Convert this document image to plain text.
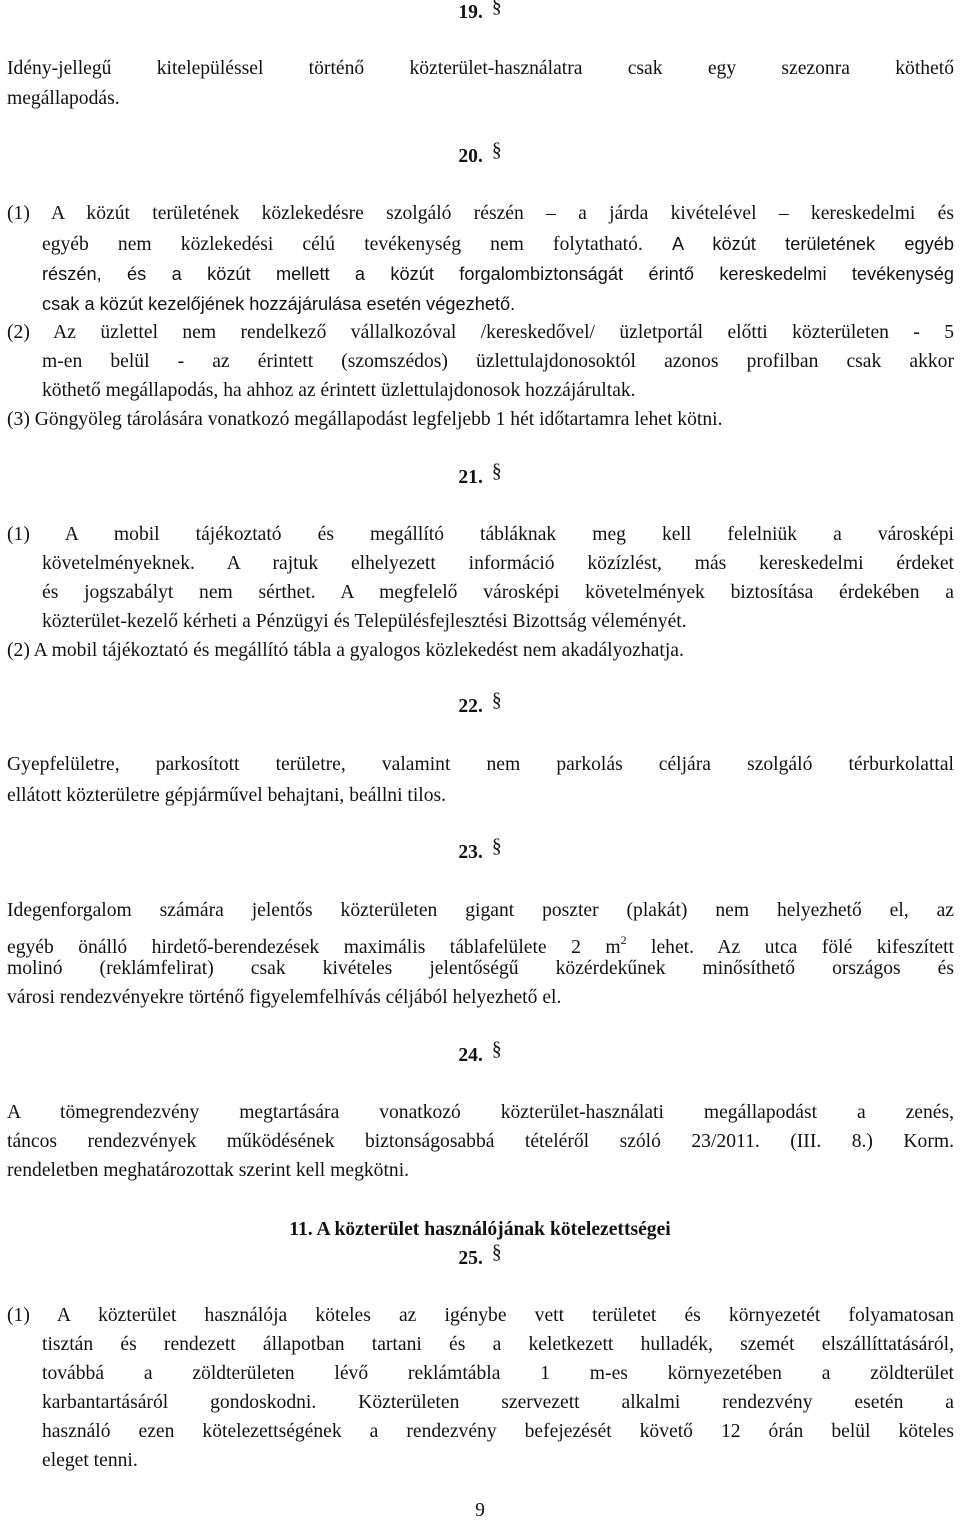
19. §

Idény-jellegű kitelepüléssel történő közterület-használatra csak egy szezonra köthető

megállapodás.

20. §

(1) A közút területének közlekedésre szolgáló részén – a járda kivételével – kereskedelmi és

egyéb nem közlekedési célú tevékenység nem folytatható. A közút területének egyéb

részén, és a közút mellett a közút forgalombiztonságát érintő kereskedelmi tevékenység

csak a közút kezelőjének hozzájárulása esetén végezhető.

(2) Az üzlettel nem rendelkező vállalkozóval /kereskedővel/ üzletportál előtti közterületen - 5

m-en belül - az érintett (szomszédos) üzlettulajdonosoktól azonos profilban csak akkor

köthető megállapodás, ha ahhoz az érintett üzlettulajdonosok hozzájárultak.

(3) Göngyöleg tárolására vonatkozó megállapodást legfeljebb 1 hét időtartamra lehet kötni.

21. §

(1) A mobil tájékoztató és megállító tábláknak meg kell felelniük a városképi

követelményeknek. A rajtuk elhelyezett információ közízlést, más kereskedelmi érdeket

és jogszabályt nem sérthet. A megfelelő városképi követelmények biztosítása érdekében a

közterület-kezelő kérheti a Pénzügyi és Településfejlesztési Bizottság véleményét.

(2) A mobil tájékoztató és megállító tábla a gyalogos közlekedést nem akadályozhatja.

22. §

Gyepfelületre, parkosított területre, valamint nem parkolás céljára szolgáló térburkolattal

ellátott közterületre gépjárművel behajtani, beállni tilos.

23. §

Idegenforgalom számára jelentős közterületen gigant poszter (plakát) nem helyezhető el, az

egyéb önálló hirdető-berendezések maximális táblafelülete 2 $m^2$ lehet. Az utca fölé kifeszített

molinó (reklámfelirat) csak kivételes jelentőségű közérdekűnek minősíthető országos és

városi rendezvényekre történő figyelemfelhívás céljából helyezhető el.

24. §

A tömegrendezvény megtartására vonatkozó közterület-használati megállapodást a zenés,

táncos rendezvények működésének biztonságosabbá tételéről szóló 23/2011. (III. 8.) Korm.

rendeletben meghatározottak szerint kell megkötni.

11. A közterület használójának kötelezettségei

25. §

(1) A közterület használója köteles az igénybe vett területet és környezetét folyamatosan

tisztán és rendezett állapotban tartani és a keletkezett hulladék, szemét elszállíttatásáról,

továbbá a zöldterületen lévő reklámtábla 1 m-es környezetében a zöldterület

karbantartásáról gondoskodni. Közterületen szervezett alkalmi rendezvény esetén a

használó ezen kötelezettségének a rendezvény befejezését követő 12 órán belül köteles

eleget tenni.

9
